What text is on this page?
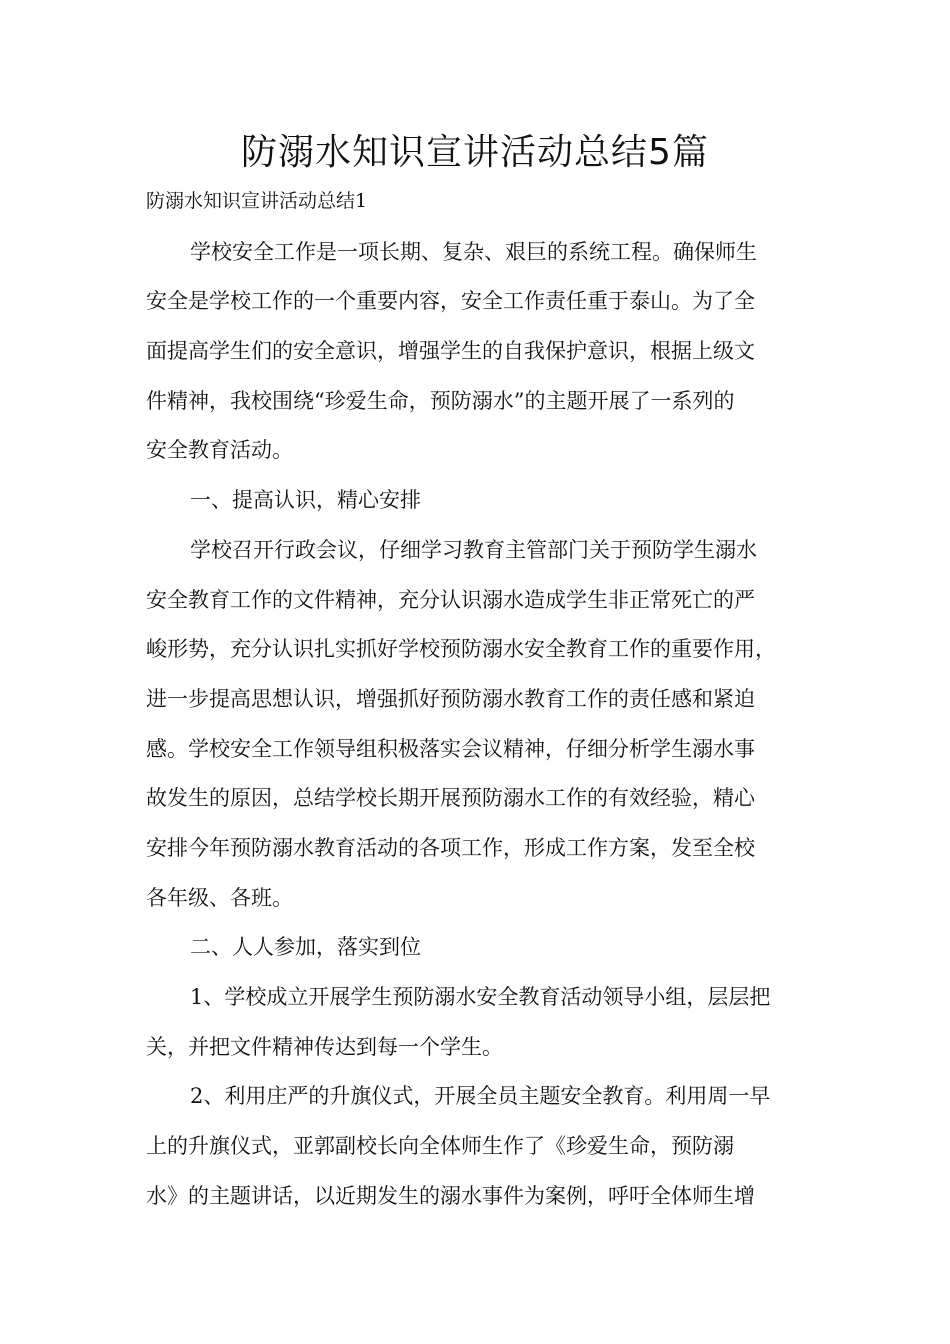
防溺水知识宣讲活动总结5篇

防溺水知识宣讲活动总结1

学校安全工作是一项长期、复杂、艰巨的系统工程。确保师生

安全是学校工作的一个重要内容，安全工作责任重于泰山。为了全

面提高学生们的安全意识，增强学生的自我保护意识，根据上级文

件精神，我校围绕“珍爱生命，预防溺水”的主题开展了一系列的

安全教育活动。

一、提高认识，精心安排

学校召开行政会议，仔细学习教育主管部门关于预防学生溺水

安全教育工作的文件精神，充分认识溺水造成学生非正常死亡的严

峻形势，充分认识扎实抓好学校预防溺水安全教育工作的重要作用，

进一步提高思想认识，增强抓好预防溺水教育工作的责任感和紧迫

感。学校安全工作领导组积极落实会议精神，仔细分析学生溺水事

故发生的原因，总结学校长期开展预防溺水工作的有效经验，精心

安排今年预防溺水教育活动的各项工作，形成工作方案，发至全校

各年级、各班。

二、人人参加，落实到位

1、学校成立开展学生预防溺水安全教育活动领导小组，层层把

关，并把文件精神传达到每一个学生。

2、利用庄严的升旗仪式，开展全员主题安全教育。利用周一早

上的升旗仪式，亚郭副校长向全体师生作了《珍爱生命，预防溺

水》的主题讲话，以近期发生的溺水事件为案例，呼吁全体师生增
